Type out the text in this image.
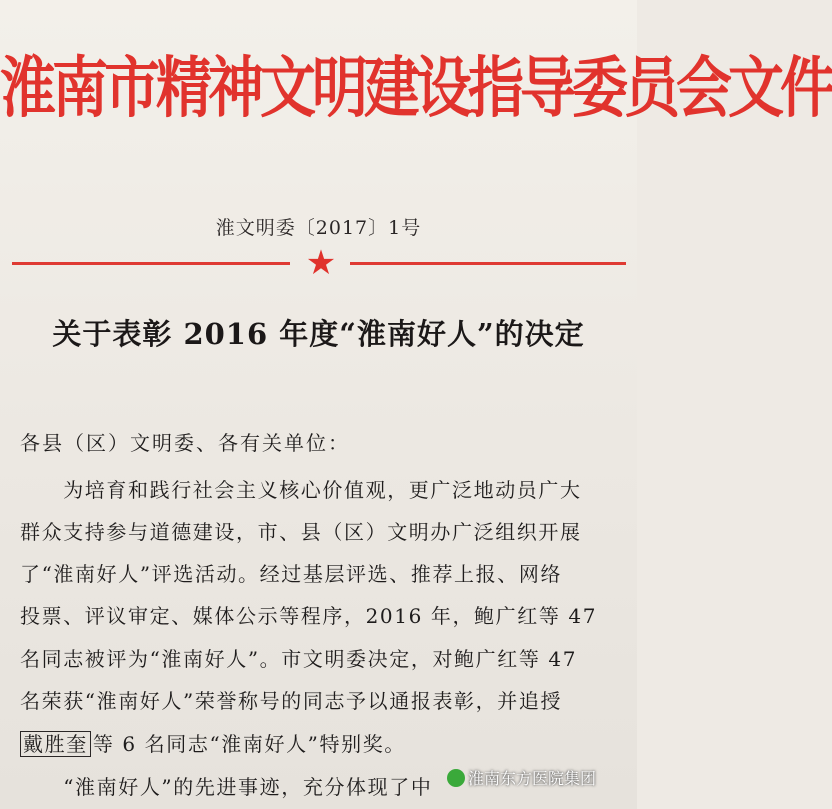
淮南市精神文明建设指导委员会文件
淮文明委〔2017〕1号
★
关于表彰 2016 年度“淮南好人”的决定
各县（区）文明委、各有关单位：
　　为培育和践行社会主义核心价值观，更广泛地动员广大
群众支持参与道德建设，市、县（区）文明办广泛组织开展
了“淮南好人”评选活动。经过基层评选、推荐上报、网络
投票、评议审定、媒体公示等程序，2016 年，鲍广红等 47
名同志被评为“淮南好人”。市文明委决定，对鲍广红等 47
名荣获“淮南好人”荣誉称号的同志予以通报表彰，并追授
戴胜奎 等 6 名同志“淮南好人”特别奖。
　　“淮南好人”的先进事迹，充分体现了中	淮南东方医院集团
